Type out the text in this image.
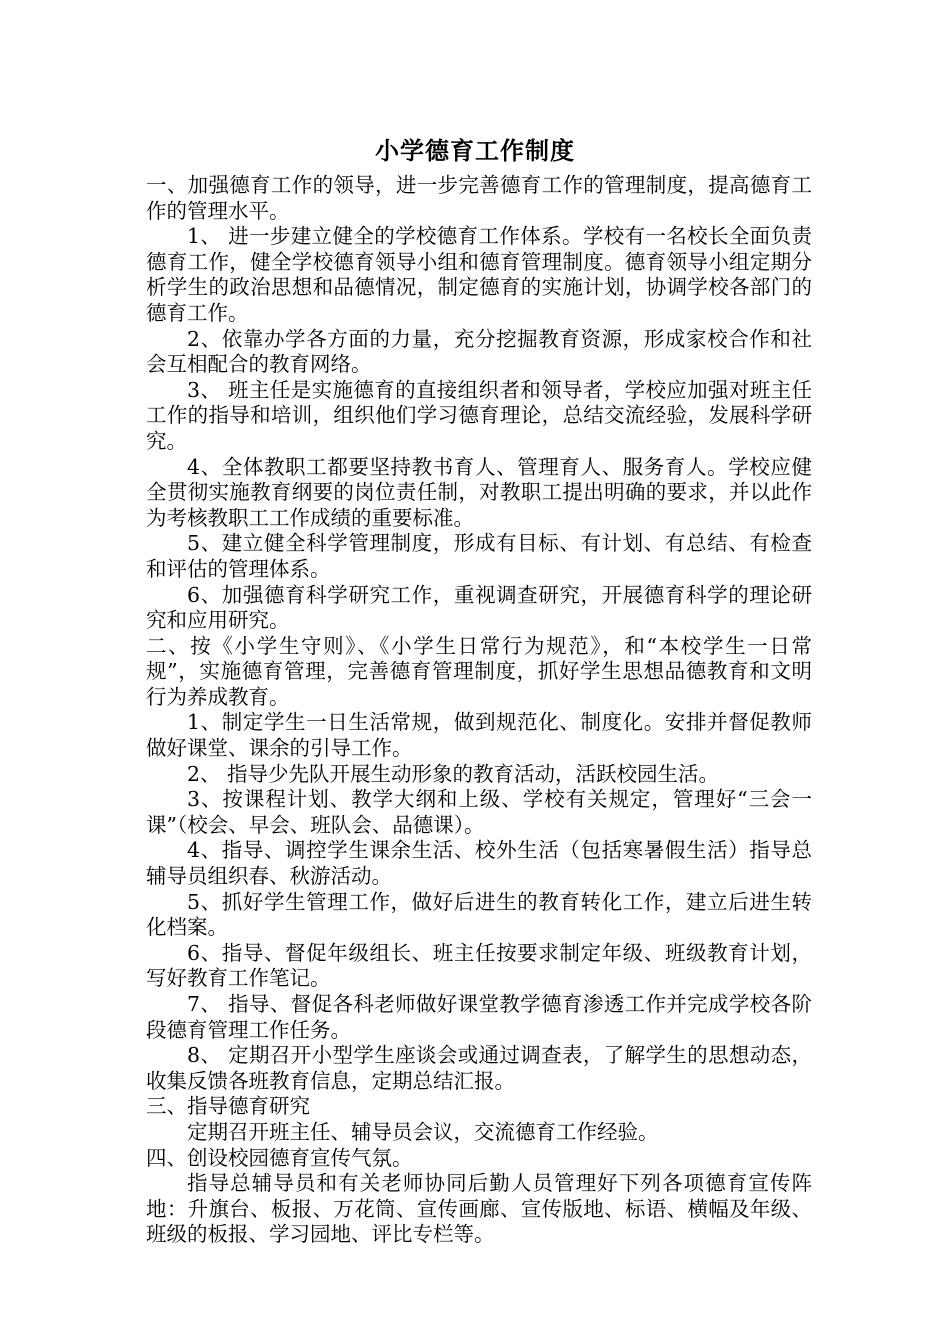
小学德育工作制度

一、加强德育工作的领导，进一步完善德育工作的管理制度，提高德育工作的管理水平。

1、 进一步建立健全的学校德育工作体系。学校有一名校长全面负责德育工作，健全学校德育领导小组和德育管理制度。德育领导小组定期分析学生的政治思想和品德情况，制定德育的实施计划，协调学校各部门的德育工作。

2、依靠办学各方面的力量，充分挖掘教育资源，形成家校合作和社会互相配合的教育网络。

3、 班主任是实施德育的直接组织者和领导者，学校应加强对班主任工作的指导和培训，组织他们学习德育理论，总结交流经验，发展科学研究。

4、全体教职工都要坚持教书育人、管理育人、服务育人。学校应健全贯彻实施教育纲要的岗位责任制，对教职工提出明确的要求，并以此作为考核教职工工作成绩的重要标准。

5、建立健全科学管理制度，形成有目标、有计划、有总结、有检查和评估的管理体系。

6、加强德育科学研究工作，重视调查研究，开展德育科学的理论研究和应用研究。

二、按《小学生守则》、《小学生日常行为规范》，和“本校学生一日常规”，实施德育管理，完善德育管理制度，抓好学生思想品德教育和文明行为养成教育。

1、制定学生一日生活常规，做到规范化、制度化。安排并督促教师做好课堂、课余的引导工作。

2、 指导少先队开展生动形象的教育活动，活跃校园生活。

3、按课程计划、教学大纲和上级、学校有关规定，管理好“三会一课”（校会、早会、班队会、品德课）。

4、指导、调控学生课余生活、校外生活（包括寒暑假生活）指导总辅导员组织春、秋游活动。

5、抓好学生管理工作，做好后进生的教育转化工作，建立后进生转化档案。

6、指导、督促年级组长、班主任按要求制定年级、班级教育计划，写好教育工作笔记。

7、 指导、督促各科老师做好课堂教学德育渗透工作并完成学校各阶段德育管理工作任务。

8、 定期召开小型学生座谈会或通过调查表，了解学生的思想动态，收集反馈各班教育信息，定期总结汇报。

三、指导德育研究

定期召开班主任、辅导员会议，交流德育工作经验。

四、创设校园德育宣传气氛。

指导总辅导员和有关老师协同后勤人员管理好下列各项德育宣传阵地：升旗台、板报、万花筒、宣传画廊、宣传版地、标语、横幅及年级、班级的板报、学习园地、评比专栏等。
